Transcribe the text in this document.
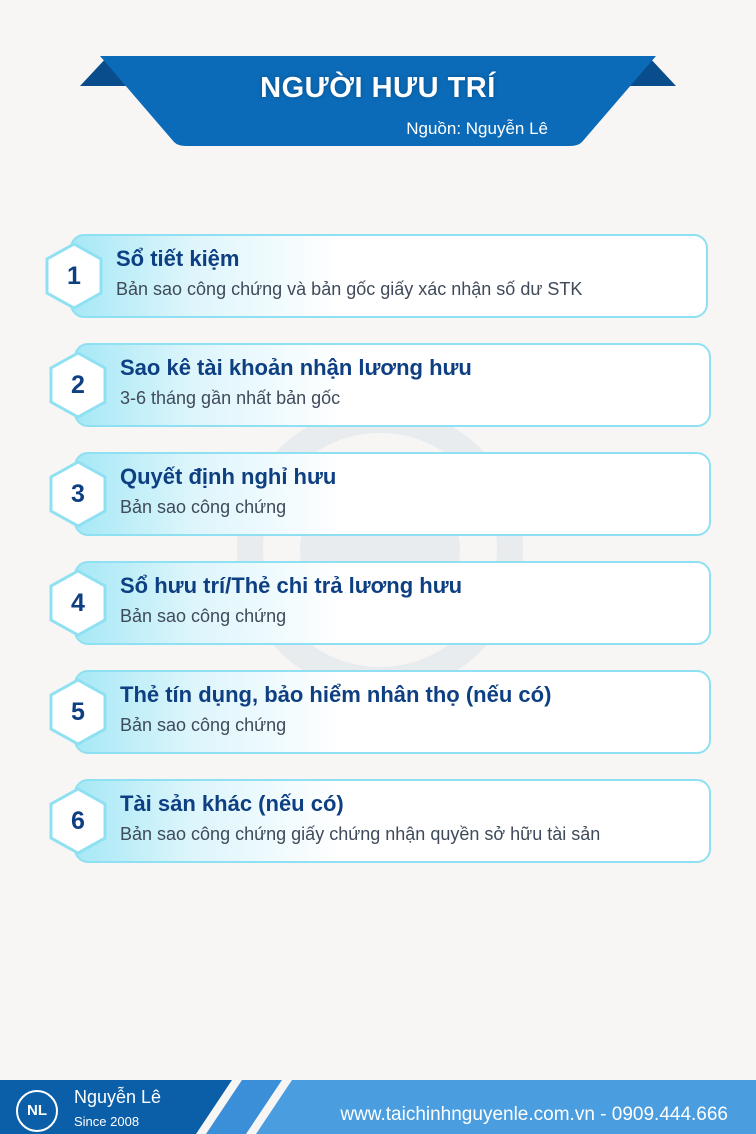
NGƯỜI HƯU TRÍ
Nguồn: Nguyễn Lê
1
Sổ tiết kiệm
Bản sao công chứng và bản gốc giấy xác nhận số dư STK
2
Sao kê tài khoản nhận lương hưu
3-6 tháng gần nhất bản gốc
3
Quyết định nghỉ hưu
Bản sao công chứng
4
Sổ hưu trí/Thẻ chi trả lương hưu
Bản sao công chứng
5
Thẻ tín dụng, bảo hiểm nhân thọ (nếu có)
Bản sao công chứng
6
Tài sản khác (nếu có)
Bản sao công chứng giấy chứng nhận quyền sở hữu tài sản
NL
Nguyễn Lê
Since 2008	www.taichinhnguyenle.com.vn - 0909.444.666
